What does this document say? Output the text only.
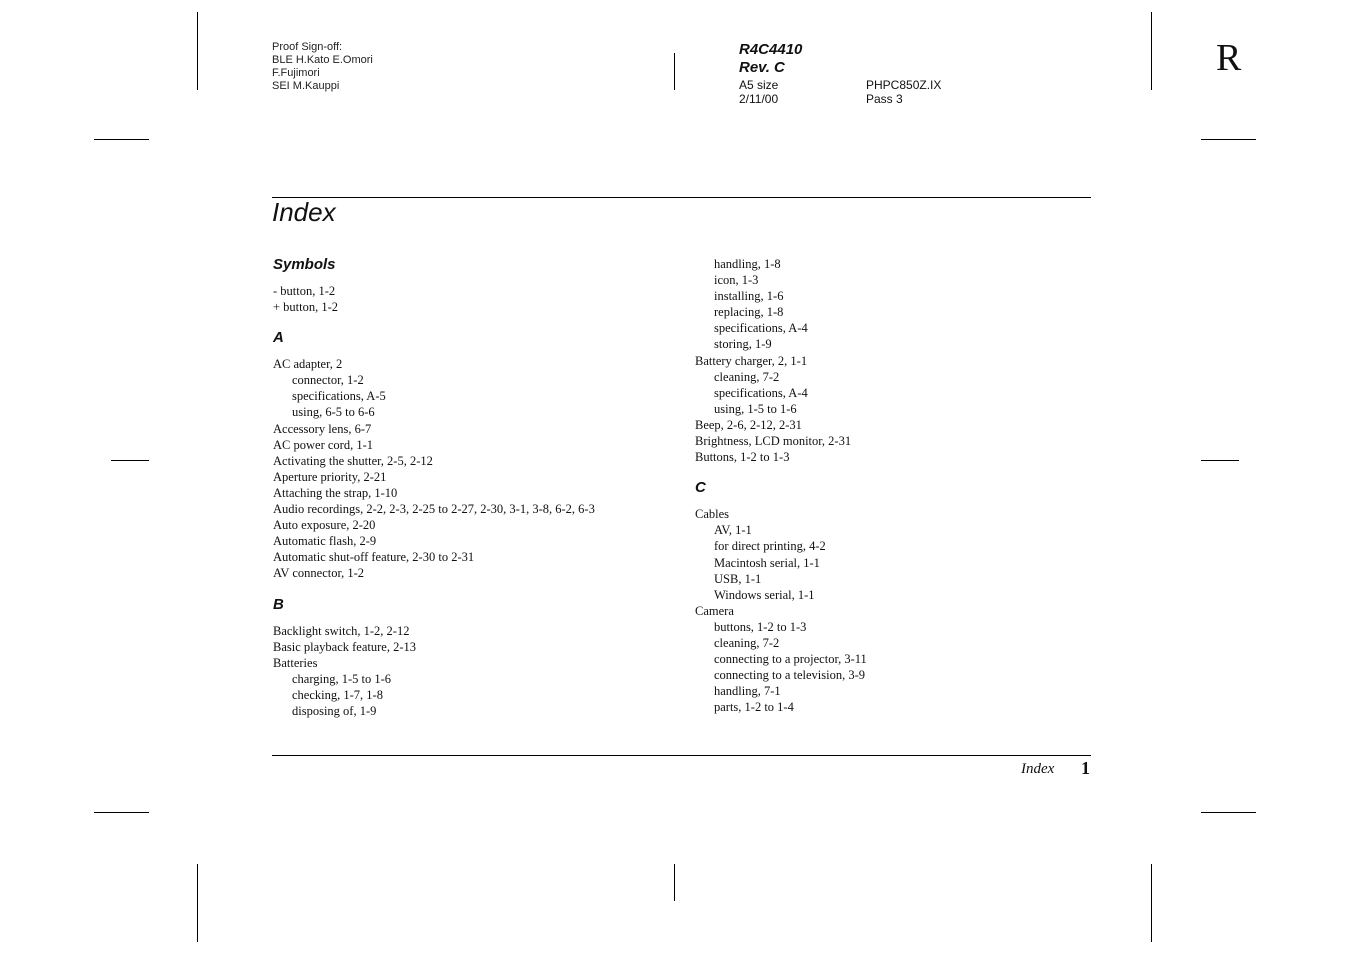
Proof Sign-off:
BLE H.Kato E.Omori
F.Fujimori
SEI M.Kauppi
R4C4410
Rev. C
A5 size	PHPC850Z.IX
2/11/00	Pass 3
R
Index
Symbols
- button, 1-2
+ button, 1-2
A
AC adapter, 2
connector, 1-2
specifications, A-5
using, 6-5 to 6-6
Accessory lens, 6-7
AC power cord, 1-1
Activating the shutter, 2-5, 2-12
Aperture priority, 2-21
Attaching the strap, 1-10
Audio recordings, 2-2, 2-3, 2-25 to 2-27, 2-30, 3-1, 3-8, 6-2, 6-3
Auto exposure, 2-20
Automatic flash, 2-9
Automatic shut-off feature, 2-30 to 2-31
AV connector, 1-2
B
Backlight switch, 1-2, 2-12
Basic playback feature, 2-13
Batteries
charging, 1-5 to 1-6
checking, 1-7, 1-8
disposing of, 1-9
handling, 1-8
icon, 1-3
installing, 1-6
replacing, 1-8
specifications, A-4
storing, 1-9
Battery charger, 2, 1-1
cleaning, 7-2
specifications, A-4
using, 1-5 to 1-6
Beep, 2-6, 2-12, 2-31
Brightness, LCD monitor, 2-31
Buttons, 1-2 to 1-3
C
Cables
AV, 1-1
for direct printing, 4-2
Macintosh serial, 1-1
USB, 1-1
Windows serial, 1-1
Camera
buttons, 1-2 to 1-3
cleaning, 7-2
connecting to a projector, 3-11
connecting to a television, 3-9
handling, 7-1
parts, 1-2 to 1-4
Index 1
